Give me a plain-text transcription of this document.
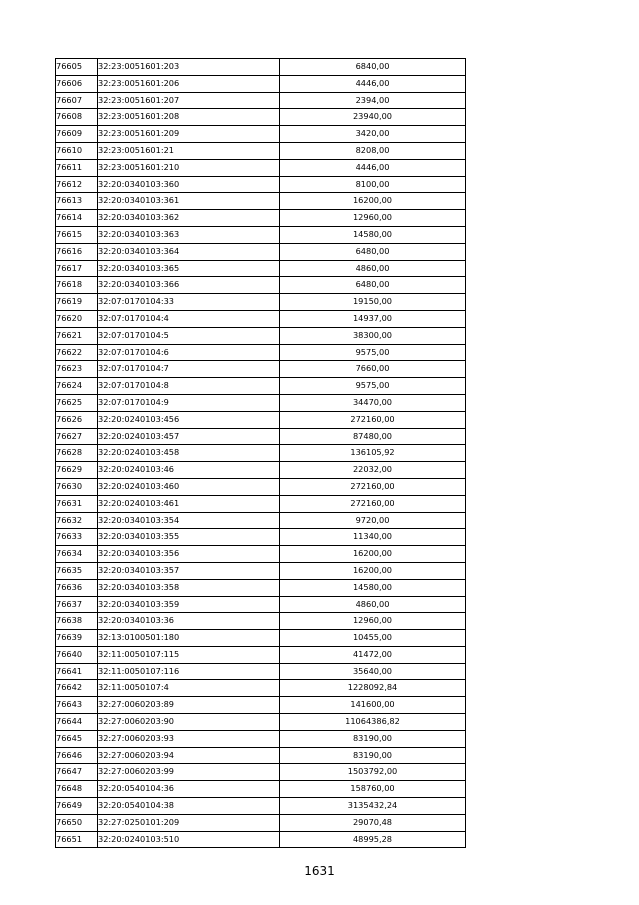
76605	32:23:0051601:203	6840,00
76606	32:23:0051601:206	4446,00
76607	32:23:0051601:207	2394,00
76608	32:23:0051601:208	23940,00
76609	32:23:0051601:209	3420,00
76610	32:23:0051601:21	8208,00
76611	32:23:0051601:210	4446,00
76612	32:20:0340103:360	8100,00
76613	32:20:0340103:361	16200,00
76614	32:20:0340103:362	12960,00
76615	32:20:0340103:363	14580,00
76616	32:20:0340103:364	6480,00
76617	32:20:0340103:365	4860,00
76618	32:20:0340103:366	6480,00
76619	32:07:0170104:33	19150,00
76620	32:07:0170104:4	14937,00
76621	32:07:0170104:5	38300,00
76622	32:07:0170104:6	9575,00
76623	32:07:0170104:7	7660,00
76624	32:07:0170104:8	9575,00
76625	32:07:0170104:9	34470,00
76626	32:20:0240103:456	272160,00
76627	32:20:0240103:457	87480,00
76628	32:20:0240103:458	136105,92
76629	32:20:0240103:46	22032,00
76630	32:20:0240103:460	272160,00
76631	32:20:0240103:461	272160,00
76632	32:20:0340103:354	9720,00
76633	32:20:0340103:355	11340,00
76634	32:20:0340103:356	16200,00
76635	32:20:0340103:357	16200,00
76636	32:20:0340103:358	14580,00
76637	32:20:0340103:359	4860,00
76638	32:20:0340103:36	12960,00
76639	32:13:0100501:180	10455,00
76640	32:11:0050107:115	41472,00
76641	32:11:0050107:116	35640,00
76642	32:11:0050107:4	1228092,84
76643	32:27:0060203:89	141600,00
76644	32:27:0060203:90	11064386,82
76645	32:27:0060203:93	83190,00
76646	32:27:0060203:94	83190,00
76647	32:27:0060203:99	1503792,00
76648	32:20:0540104:36	158760,00
76649	32:20:0540104:38	3135432,24
76650	32:27:0250101:209	29070,48
76651	32:20:0240103:510	48995,28
1631
